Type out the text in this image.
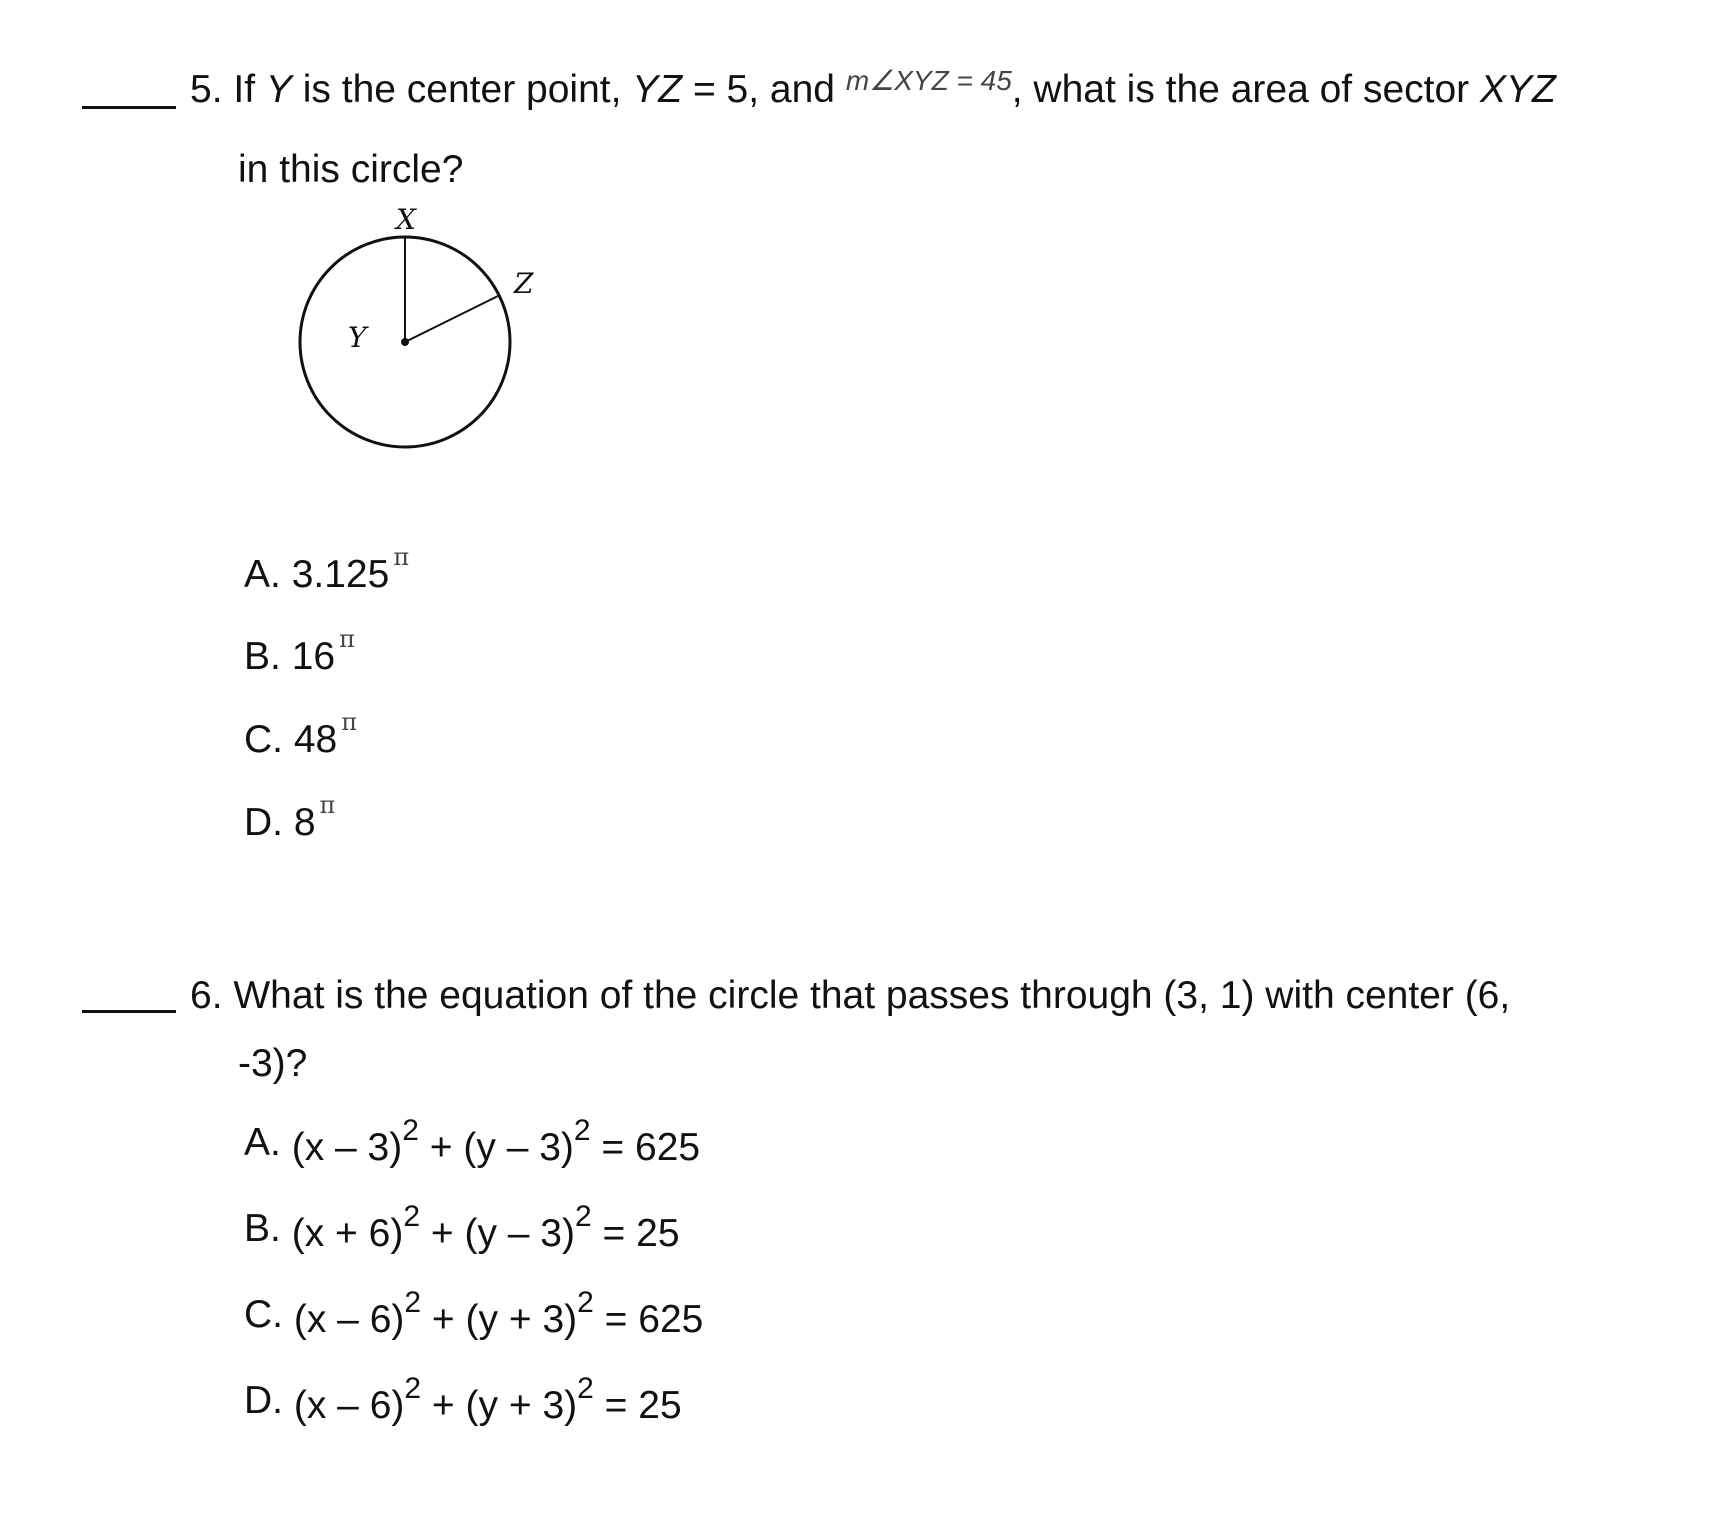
5. If Y is the center point, YZ = 5, and $^{m\angle XYZ = 45}$, what is the area of sector XYZ
in this circle?
X
Z
Y
A. 3.125 $^\pi$
B. 16 $^\pi$
C. 48 $^\pi$
D. 8 $^\pi$
6. What is the equation of the circle that passes through (3, 1) with center (6,
-3)?
A. (x – 3)$^2$ + (y – 3)$^2$ = 625
B. $(x + 6)^2 + (y - 3)^2 = 25$
C. $(x - 6)^2 + (y + 3)^2 = 625$
D. $(x - 6)^2 + (y + 3)^2 = 25$
